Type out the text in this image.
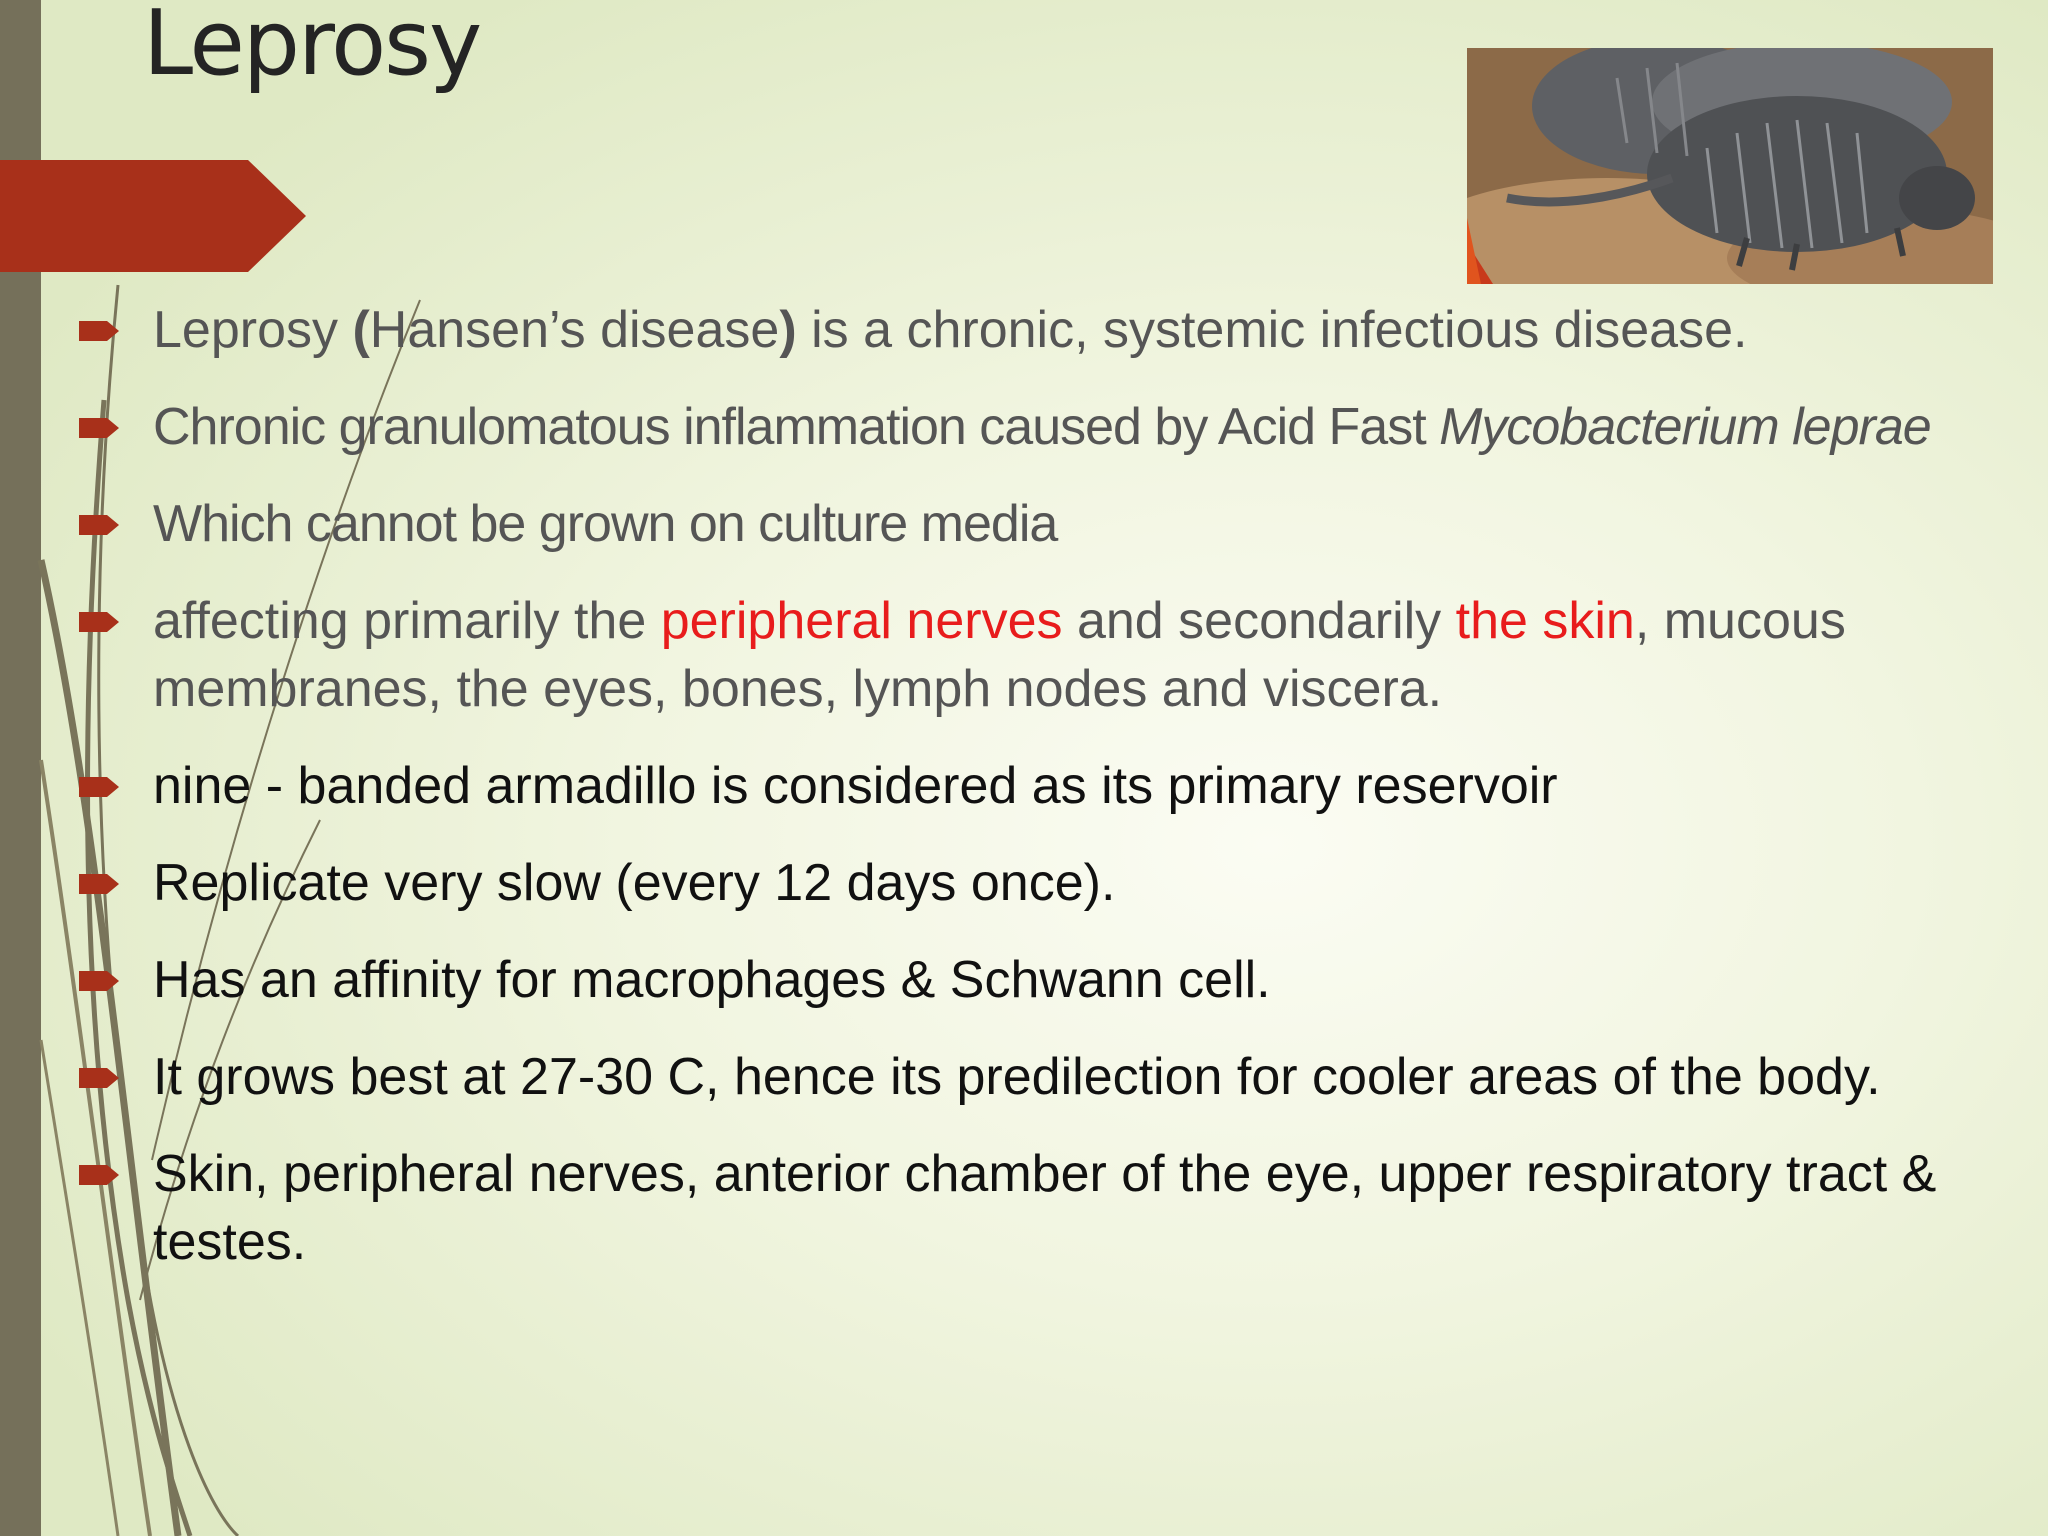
Leprosy
Leprosy (Hansen’s disease) is a chronic, systemic infectious disease.
Chronic granulomatous inflammation caused by Acid Fast Mycobacterium leprae
Which cannot be grown on culture media
affecting primarily the peripheral nerves and secondarily the skin, mucous membranes, the eyes, bones, lymph nodes and viscera.
nine - banded armadillo is considered as its primary reservoir
Replicate very slow (every 12 days once).
Has an affinity for macrophages & Schwann cell.
It grows best at 27-30 C, hence its predilection for cooler areas of the body.
Skin, peripheral nerves, anterior chamber of the eye, upper respiratory tract & testes.
